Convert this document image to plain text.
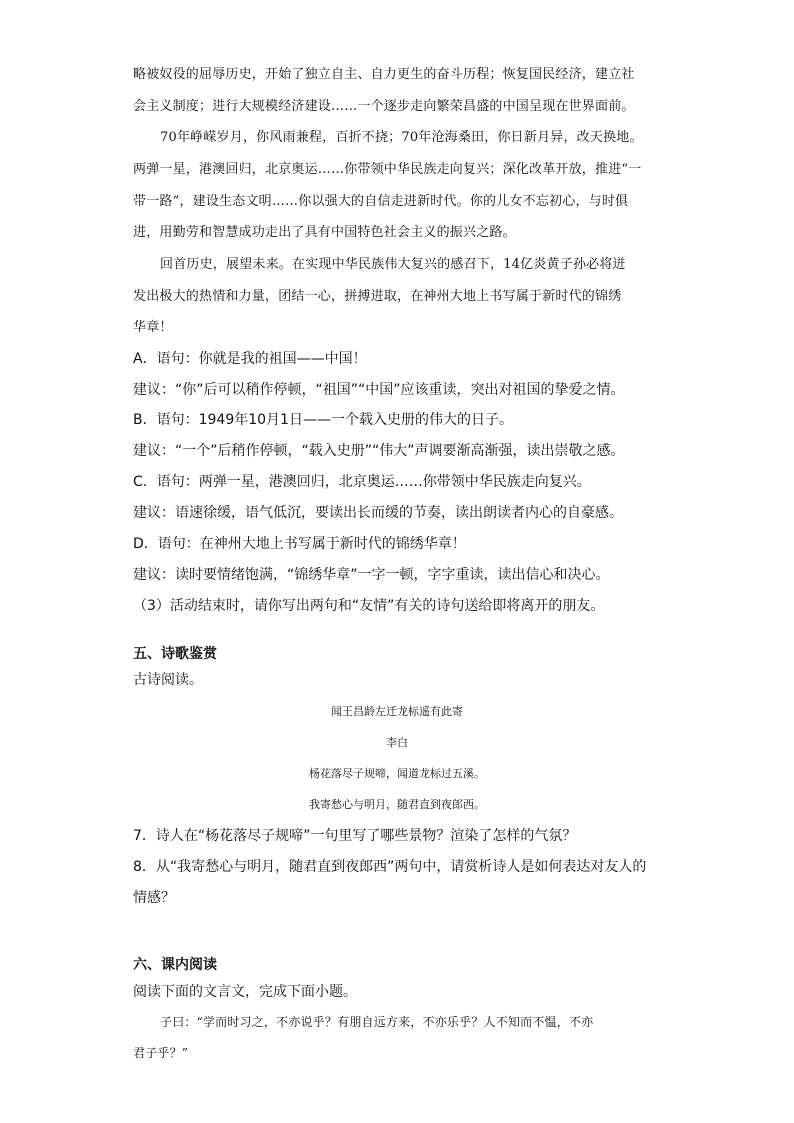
略被奴役的屈辱历史，开始了独立自主、自力更生的奋斗历程；恢复国民经济，建立社
会主义制度；进行大规模经济建设……一个逐步走向繁荣昌盛的中国呈现在世界面前。
70年峥嵘岁月，你风雨兼程，百折不挠；70年沧海桑田，你日新月异，改天换地。
两弹一星，港澳回归，北京奥运……你带领中华民族走向复兴；深化改革开放，推进“一
带一路”，建设生态文明……你以强大的自信走进新时代。你的儿女不忘初心，与时俱
进，用勤劳和智慧成功走出了具有中国特色社会主义的振兴之路。
回首历史，展望未来。在实现中华民族伟大复兴的感召下，14亿炎黄子孙必将迸
发出极大的热情和力量，团结一心，拼搏进取，在神州大地上书写属于新时代的锦绣
华章！
A．语句：你就是我的祖国——中国！
建议：“你”后可以稍作停顿，“祖国”“中国”应该重读，突出对祖国的挚爱之情。
B．语句：1949年10月1日——一个载入史册的伟大的日子。
建议：“一个”后稍作停顿，“载入史册”“伟大”声调要渐高渐强，读出崇敬之感。
C．语句：两弹一星，港澳回归，北京奥运……你带领中华民族走向复兴。
建议：语速徐缓，语气低沉，要读出长而缓的节奏，读出朗读者内心的自豪感。
D．语句：在神州大地上书写属于新时代的锦绣华章！
建议：读时要情绪饱满，“锦绣华章”一字一顿，字字重读，读出信心和决心。
（3）活动结束时，请你写出两句和“友情”有关的诗句送给即将离开的朋友。
五、诗歌鉴赏
古诗阅读。
闻王昌龄左迁龙标遥有此寄
李白
杨花落尽子规啼，闻道龙标过五溪。
我寄愁心与明月，随君直到夜郎西。
7．诗人在“杨花落尽子规啼”一句里写了哪些景物？渲染了怎样的气氛？
8．从“我寄愁心与明月，随君直到夜郎西”两句中，请赏析诗人是如何表达对友人的
情感？
六、课内阅读
阅读下面的文言文，完成下面小题。
子曰：“学而时习之，不亦说乎？有朋自远方来，不亦乐乎？人不知而不愠，不亦
君子乎？”
